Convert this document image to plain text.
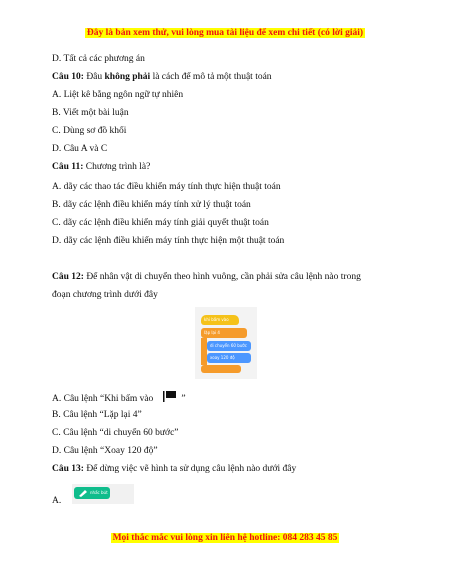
Đây là bản xem thử, vui lòng mua tài liệu để xem chi tiết (có lời giải)
D. Tất cả các phương án
Câu 10: Đâu không phải là cách để mô tả một thuật toán
A. Liệt kê bằng ngôn ngữ tự nhiên
B. Viết một bài luận
C. Dùng sơ đồ khối
D. Câu A và C
Câu 11: Chương trình là?
A. dãy các thao tác điều khiển máy tính thực hiện thuật toán
B. dãy các lệnh điều khiển máy tính xử lý thuật toán
C. dãy các lệnh điều khiển máy tính giải quyết thuật toán
D. dãy các lệnh điều khiển máy tính thực hiện một thuật toán
Câu 12: Để nhân vật di chuyển theo hình vuông, cần phải sửa câu lệnh nào trong
đoạn chương trình dưới đây
khi bấm vào
lặp lại 4
di chuyển 60 bước
xoay 120 độ
A. Câu lệnh “Khi bấm vào	”
B. Câu lệnh “Lặp lại 4”
C. Câu lệnh “di chuyển 60 bước”
D. Câu lệnh “Xoay 120 độ”
Câu 13: Để dừng việc vẽ hình ta sử dụng câu lệnh nào dưới đây
A.
nhấc bút
Mọi thắc mắc vui lòng xin liên hệ hotline: 084 283 45 85
